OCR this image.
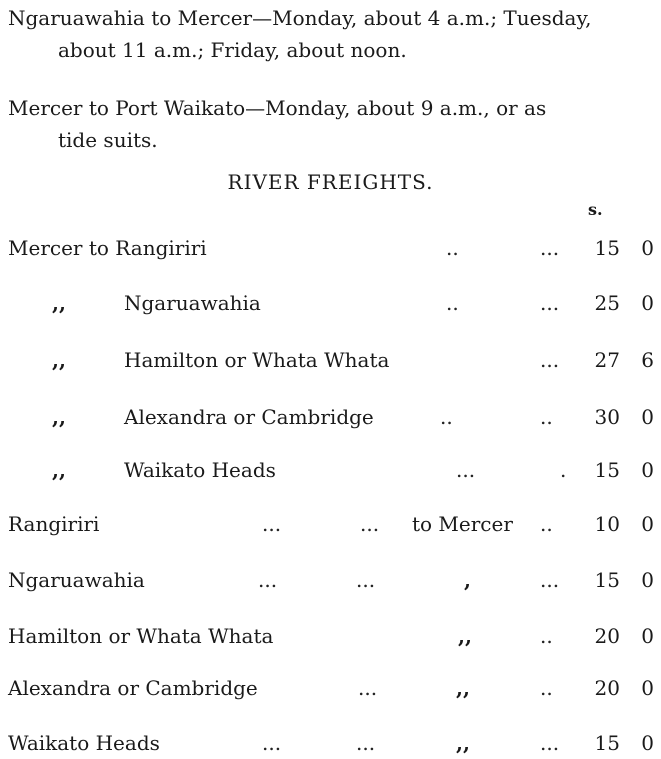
Ngaruawahia to Mercer—Monday, about 4 a.m.; Tuesday,
about 11 a.m.; Friday, about noon.

Mercer to Port Waikato—Monday, about 9 a.m., or as
tide suits.

RIVER FREIGHTS.
s.
Mercer to Rangiriri	..	... 15 0
,,	Ngaruawahia	..	... 25 0
,,	Hamilton or Whata Whata	... 27 6
,,	Alexandra or Cambridge	..	.. 30 0
,,	Waikato Heads	...	. 15 0
Rangiriri	...	... to Mercer .. 10 0
Ngaruawahia	...	...	,	... 15 0
Hamilton or Whata Whata	,,	.. 20 0
Alexandra or Cambridge	...	,,	.. 20 0
Waikato Heads	...	...	,,	... 15 0
